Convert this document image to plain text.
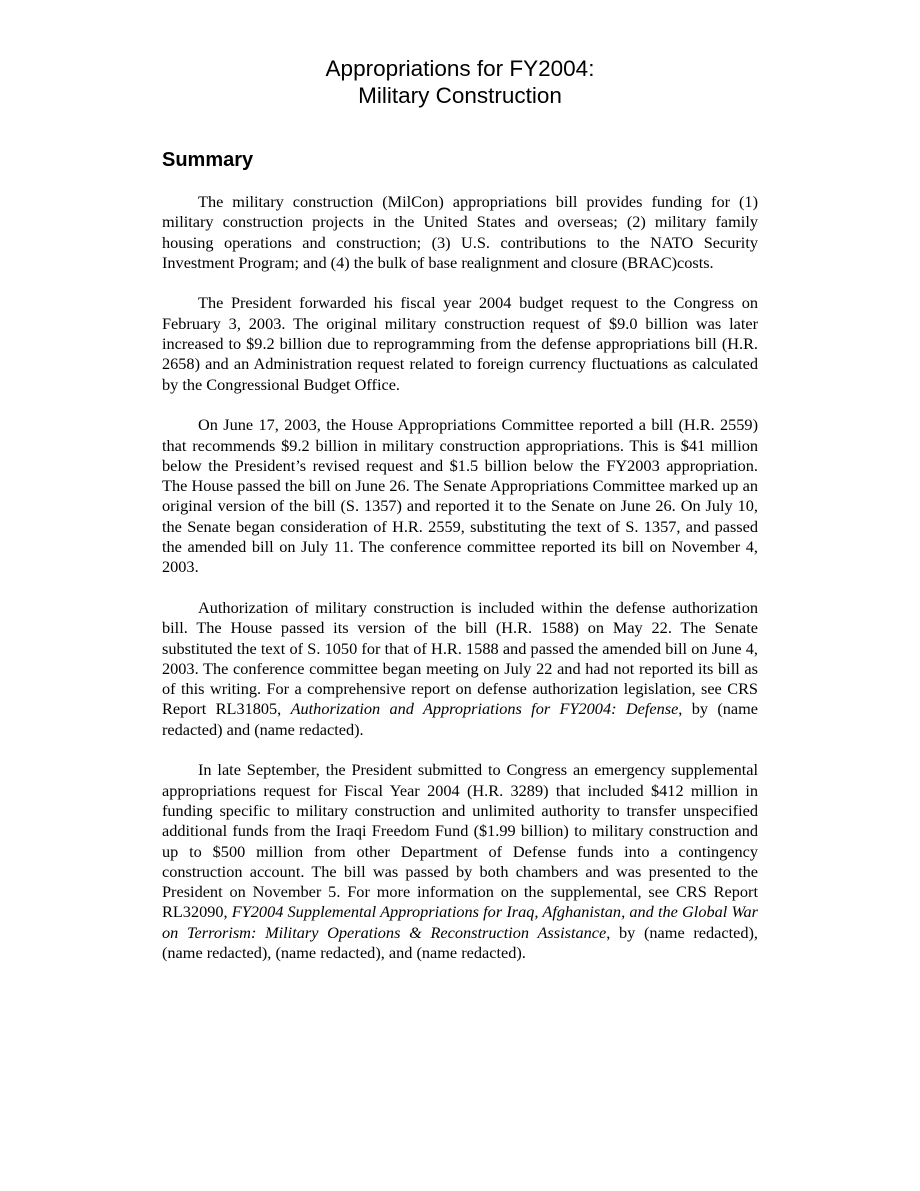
Appropriations for FY2004:
Military Construction
Summary

The military construction (MilCon) appropriations bill provides funding for (1) military construction projects in the United States and overseas; (2) military family housing operations and construction; (3) U.S. contributions to the NATO Security Investment Program; and (4) the bulk of base realignment and closure (BRAC)costs.

The President forwarded his fiscal year 2004 budget request to the Congress on February 3, 2003. The original military construction request of $9.0 billion was later increased to $9.2 billion due to reprogramming from the defense appropriations bill (H.R. 2658) and an Administration request related to foreign currency fluctuations as calculated by the Congressional Budget Office.

On June 17, 2003, the House Appropriations Committee reported a bill (H.R. 2559) that recommends $9.2 billion in military construction appropriations. This is $41 million below the President’s revised request and $1.5 billion below the FY2003 appropriation. The House passed the bill on June 26. The Senate Appropriations Committee marked up an original version of the bill (S. 1357) and reported it to the Senate on June 26. On July 10, the Senate began consideration of H.R. 2559, substituting the text of S. 1357, and passed the amended bill on July 11. The conference committee reported its bill on November 4, 2003.

Authorization of military construction is included within the defense authorization bill. The House passed its version of the bill (H.R. 1588) on May 22. The Senate substituted the text of S. 1050 for that of H.R. 1588 and passed the amended bill on June 4, 2003. The conference committee began meeting on July 22 and had not reported its bill as of this writing. For a comprehensive report on defense authorization legislation, see CRS Report RL31805, Authorization and Appropriations for FY2004: Defense, by (name redacted) and (name redacted).

In late September, the President submitted to Congress an emergency supplemental appropriations request for Fiscal Year 2004 (H.R. 3289) that included $412 million in funding specific to military construction and unlimited authority to transfer unspecified additional funds from the Iraqi Freedom Fund ($1.99 billion) to military construction and up to $500 million from other Department of Defense funds into a contingency construction account. The bill was passed by both chambers and was presented to the President on November 5. For more information on the supplemental, see CRS Report RL32090, FY2004 Supplemental Appropriations for Iraq, Afghanistan, and the Global War on Terrorism: Military Operations & Reconstruction Assistance, by (name redacted), (name redacted), (name redacted), and (name redacted).
